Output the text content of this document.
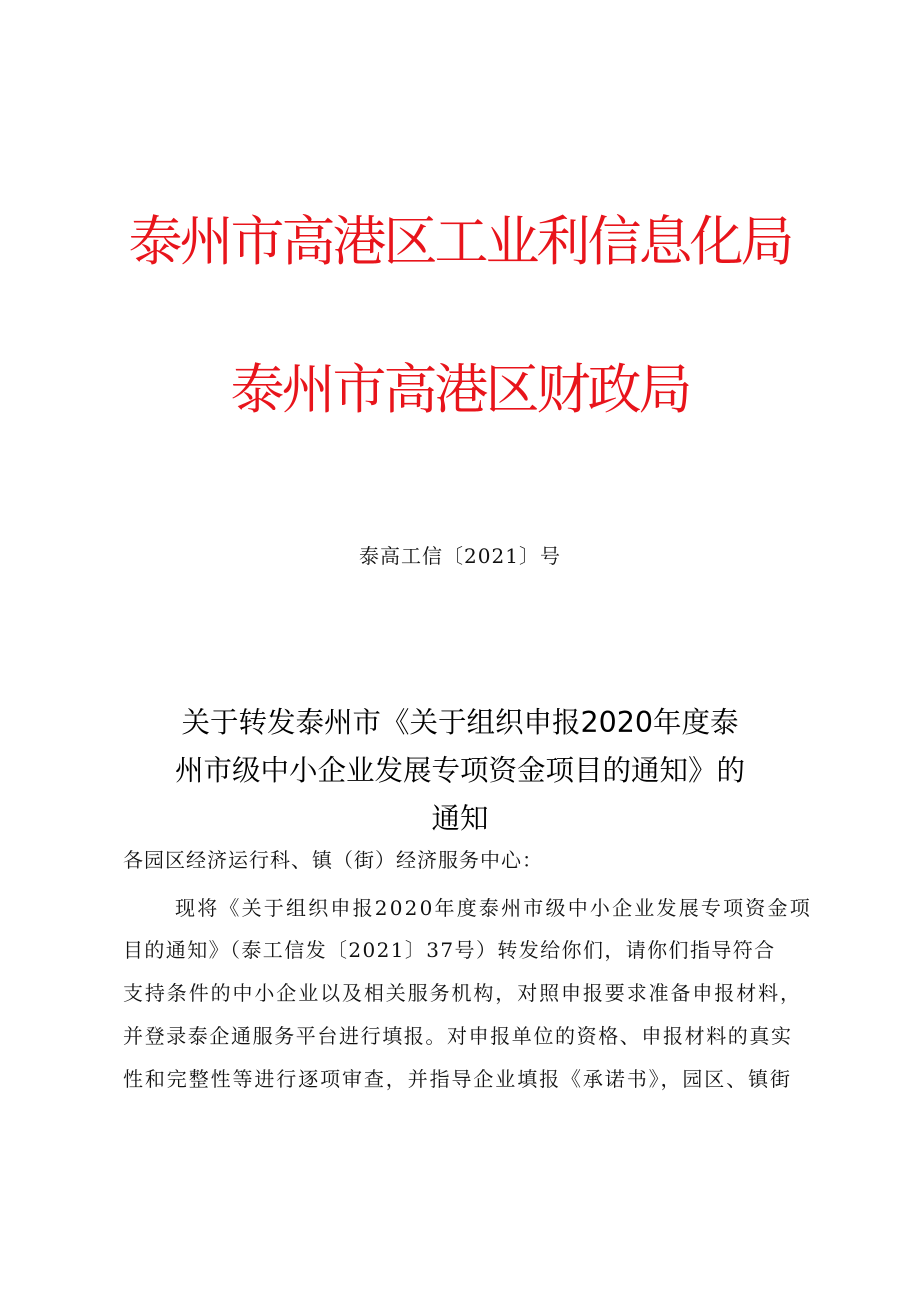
泰州市高港区工业利信息化局
泰州市高港区财政局
泰高工信〔2021〕号
关于转发泰州市《关于组织申报2020年度泰
州市级中小企业发展专项资金项目的通知》的
通知
各园区经济运行科、镇（街）经济服务中心：
现将《关于组织申报2020年度泰州市级中小企业发展专项资金项
目的通知》（泰工信发〔2021〕37号）转发给你们，请你们指导符合
支持条件的中小企业以及相关服务机构，对照申报要求准备申报材料，
并登录泰企通服务平台进行填报。对申报单位的资格、申报材料的真实
性和完整性等进行逐项审查，并指导企业填报《承诺书》，园区、镇街
